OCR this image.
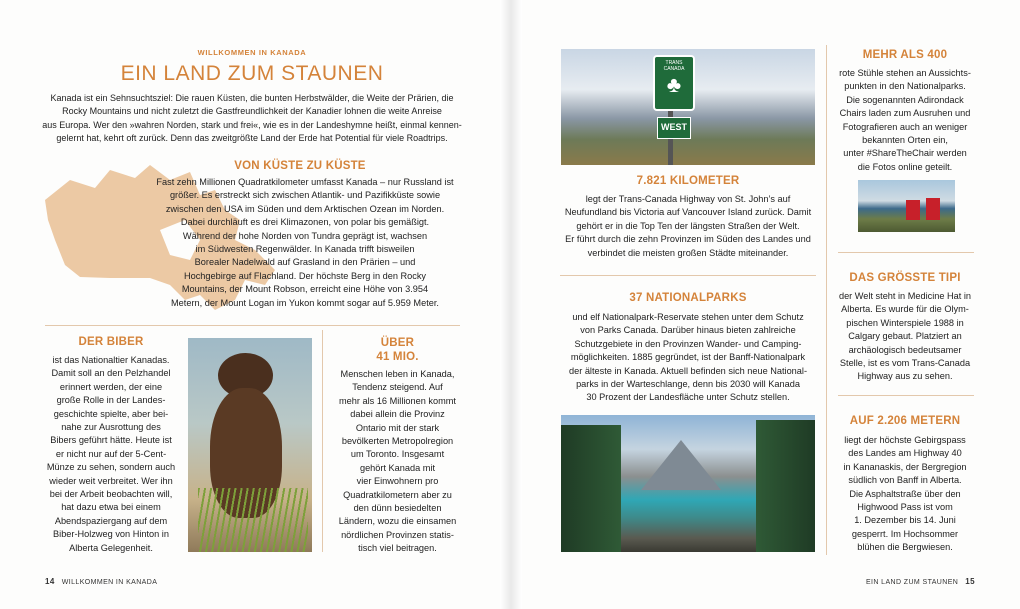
WILLKOMMEN IN KANADA
EIN LAND ZUM STAUNEN
Kanada ist ein Sehnsuchtsziel: Die rauen Küsten, die bunten Herbstwälder, die Weite der Prärien, die
Rocky Mountains und nicht zuletzt die Gastfreundlichkeit der Kanadier lohnen die weite Anreise
aus Europa. Wer den »wahren Norden, stark und frei«, wie es in der Landeshymne heißt, einmal kennen-
gelernt hat, kehrt oft zurück. Denn das zweitgrößte Land der Erde hat Potential für viele Roadtrips.
VON KÜSTE ZU KÜSTE
Fast zehn Millionen Quadratkilometer umfasst Kanada – nur Russland ist
größer. Es erstreckt sich zwischen Atlantik- und Pazifikküste sowie
zwischen den USA im Süden und dem Arktischen Ozean im Norden.
Dabei durchläuft es drei Klimazonen, von polar bis gemäßigt.
Während der hohe Norden von Tundra geprägt ist, wachsen
im Südwesten Regenwälder. In Kanada trifft bisweilen
Borealer Nadelwald auf Grasland in den Prärien – und
Hochgebirge auf Flachland. Der höchste Berg in den Rocky
Mountains, der Mount Robson, erreicht eine Höhe von 3.954
Metern, der Mount Logan im Yukon kommt sogar auf 5.959 Meter.
DER BIBER
ist das Nationaltier Kanadas.
Damit soll an den Pelzhandel
erinnert werden, der eine
große Rolle in der Landes-
geschichte spielte, aber bei-
nahe zur Ausrottung des
Bibers geführt hätte. Heute ist
er nicht nur auf der 5-Cent-
Münze zu sehen, sondern auch
wieder weit verbreitet. Wer ihn
bei der Arbeit beobachten will,
hat dazu etwa bei einem
Abendspaziergang auf dem
Biber-Holzweg von Hinton in
Alberta Gelegenheit.
ÜBER
41 MIO.
Menschen leben in Kanada,
Tendenz steigend. Auf
mehr als 16 Millionen kommt
dabei allein die Provinz
Ontario mit der stark
bevölkerten Metropolregion
um Toronto. Insgesamt
gehört Kanada mit
vier Einwohnern pro
Quadratkilometern aber zu
den dünn besiedelten
Ländern, wozu die einsamen
nördlichen Provinzen statis-
tisch viel beitragen.
14 WILLKOMMEN IN KANADA
TRANS CANADA
♣
WEST
7.821 KILOMETER
legt der Trans-Canada Highway von St. John’s auf
Neufundland bis Victoria auf Vancouver Island zurück. Damit
gehört er in die Top Ten der längsten Straßen der Welt.
Er führt durch die zehn Provinzen im Süden des Landes und
verbindet die meisten großen Städte miteinander.
37 NATIONALPARKS
und elf Nationalpark-Reservate stehen unter dem Schutz
von Parks Canada. Darüber hinaus bieten zahlreiche
Schutzgebiete in den Provinzen Wander- und Camping-
möglichkeiten. 1885 gegründet, ist der Banff-Nationalpark
der älteste in Kanada. Aktuell befinden sich neue National-
parks in der Warteschlange, denn bis 2030 will Kanada
30 Prozent der Landesfläche unter Schutz stellen.
MEHR ALS 400
rote Stühle stehen an Aussichts-
punkten in den Nationalparks.
Die sogenannten Adirondack
Chairs laden zum Ausruhen und
Fotografieren auch an weniger
bekannten Orten ein,
unter #ShareTheChair werden
die Fotos online geteilt.
DAS GRÖSSTE TIPI
der Welt steht in Medicine Hat in
Alberta. Es wurde für die Olym-
pischen Winterspiele 1988 in
Calgary gebaut. Platziert an
archäologisch bedeutsamer
Stelle, ist es vom Trans-Canada
Highway aus zu sehen.
AUF 2.206 METERN
liegt der höchste Gebirgspass
des Landes am Highway 40
in Kananaskis, der Bergregion
südlich von Banff in Alberta.
Die Asphaltstraße über den
Highwood Pass ist vom
1. Dezember bis 14. Juni
gesperrt. Im Hochsommer
blühen die Bergwiesen.
EIN LAND ZUM STAUNEN 15
